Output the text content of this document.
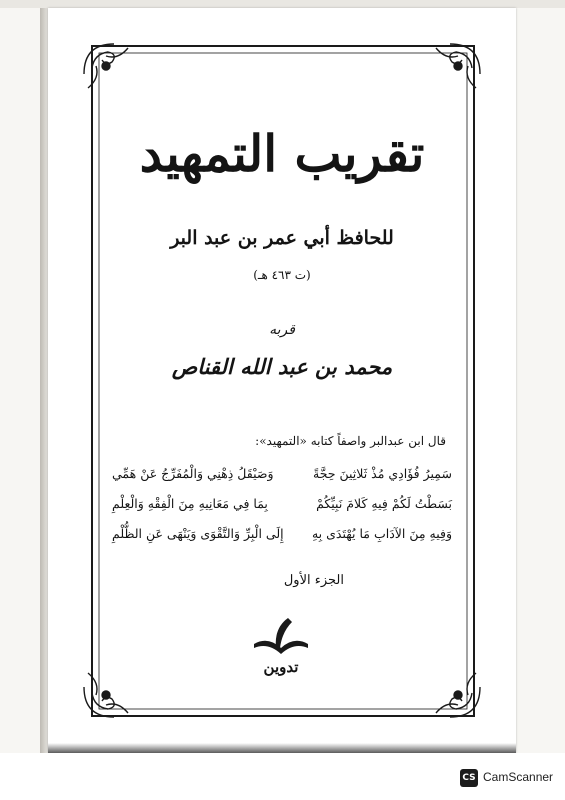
تقريب التمهيد
للحافظ أبي عمر بن عبد البر
(ت ٤٦٣ هـ)
قربه
محمد بن عبد الله القناص
قال ابن عبدالبر واصفاً كتابه «التمهيد»:
سَمِيرُ فُؤَادِي مُذْ ثَلاثِينَ حِجَّةً
وَصَيْقَلُ ذِهْنِي وَالْمُفَرِّجُ عَنْ هَمِّي
بَسَطْتُ لَكُمْ فِيهِ كَلامَ نَبِيِّكُمْ
بِمَا فِي مَعَانِيهِ مِنَ الْفِقْهِ وَالْعِلْمِ
وَفِيهِ مِنَ الآدَابِ مَا يُهْتَدَى بِهِ
إِلَى الْبِرِّ وَالتَّقْوَى وَيَنْهَى عَنِ الظُّلْمِ
الجزء الأول
تدوين
CS CamScanner
